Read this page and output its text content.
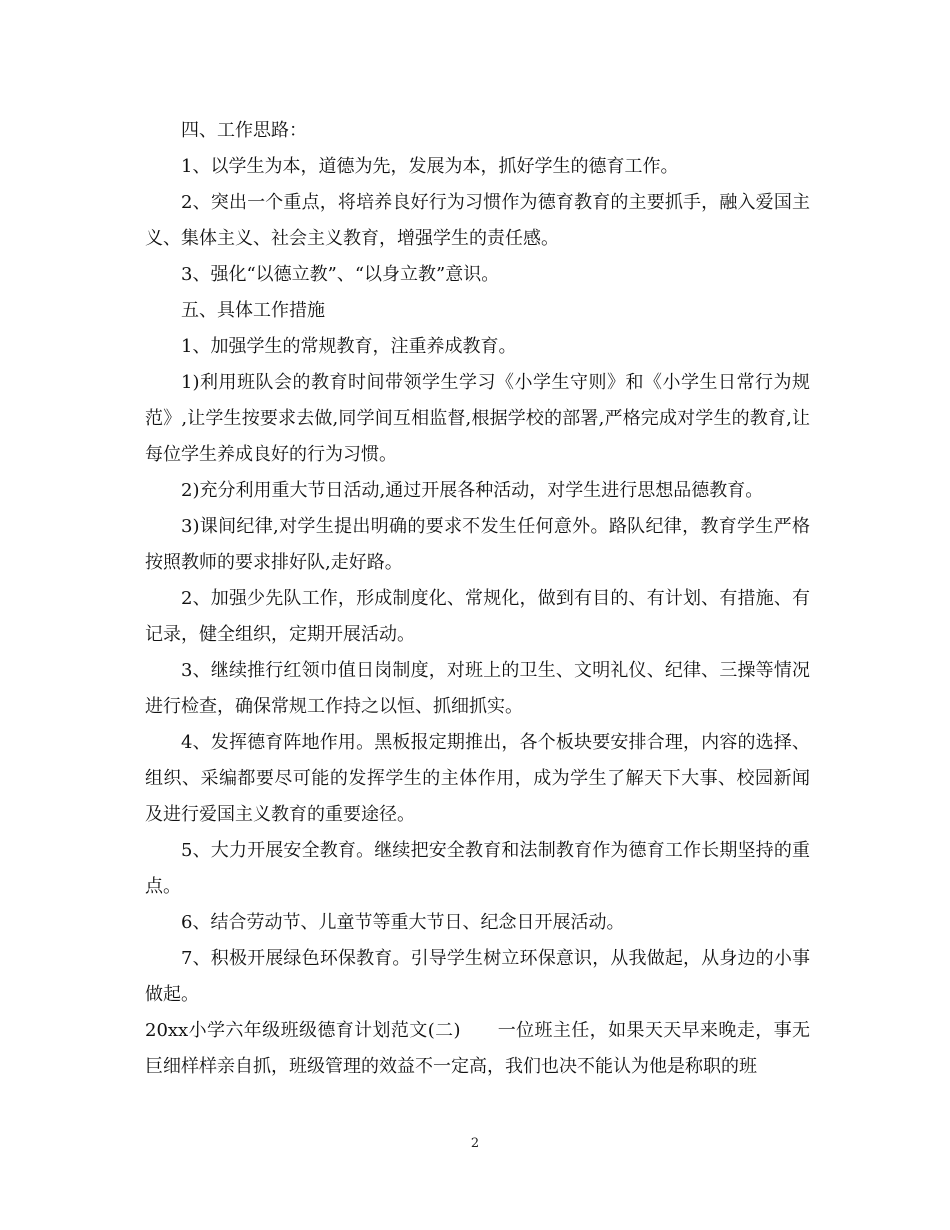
四、工作思路：

1、以学生为本，道德为先，发展为本，抓好学生的德育工作。

2、突出一个重点，将培养良好行为习惯作为德育教育的主要抓手，融入爱国主义、集体主义、社会主义教育，增强学生的责任感。

3、强化“以德立教”、“以身立教”意识。

五、具体工作措施

1、加强学生的常规教育，注重养成教育。

1)利用班队会的教育时间带领学生学习《小学生守则》和《小学生日常行为规范》,让学生按要求去做,同学间互相监督,根据学校的部署,严格完成对学生的教育,让每位学生养成良好的行为习惯。

2)充分利用重大节日活动,通过开展各种活动，对学生进行思想品德教育。

3)课间纪律,对学生提出明确的要求不发生任何意外。路队纪律，教育学生严格按照教师的要求排好队,走好路。

2、加强少先队工作，形成制度化、常规化，做到有目的、有计划、有措施、有记录，健全组织，定期开展活动。

3、继续推行红领巾值日岗制度，对班上的卫生、文明礼仪、纪律、三操等情况进行检查，确保常规工作持之以恒、抓细抓实。

4、发挥德育阵地作用。黑板报定期推出，各个板块要安排合理，内容的选择、组织、采编都要尽可能的发挥学生的主体作用，成为学生了解天下大事、校园新闻及进行爱国主义教育的重要途径。

5、大力开展安全教育。继续把安全教育和法制教育作为德育工作长期坚持的重点。

6、结合劳动节、儿童节等重大节日、纪念日开展活动。

7、积极开展绿色环保教育。引导学生树立环保意识，从我做起，从身边的小事做起。

20xx小学六年级班级德育计划范文(二)　　一位班主任，如果天天早来晚走，事无巨细样样亲自抓，班级管理的效益不一定高，我们也决不能认为他是称职的班

2
